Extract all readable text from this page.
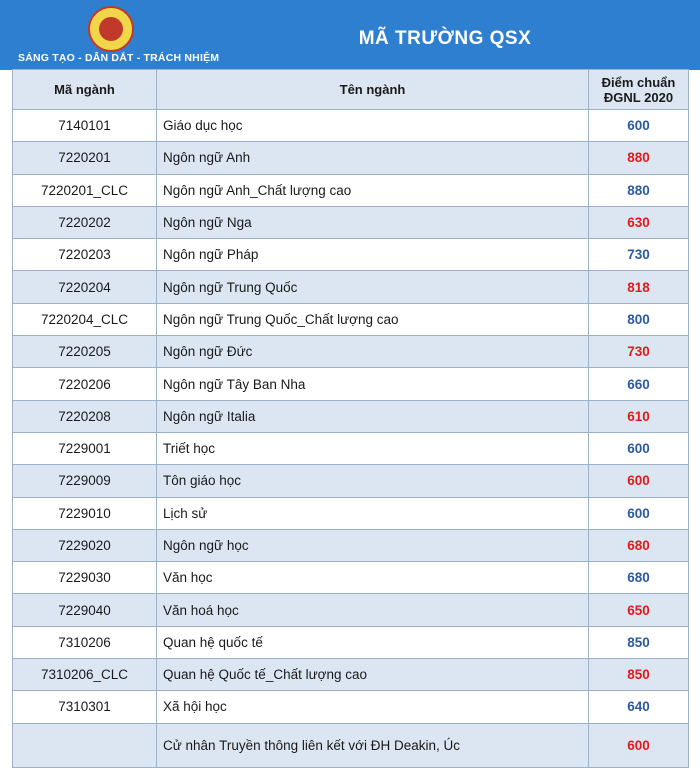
SÁNG TẠO - DẪN DẮT - TRÁCH NHIỆM
MÃ TRƯỜNG QSX
Mã ngành	Tên ngành	Điểm chuẩn
ĐGNL 2020

7140101	Giáo dục học	600
7220201	Ngôn ngữ Anh	880
7220201_CLC	Ngôn ngữ Anh_Chất lượng cao	880
7220202	Ngôn ngữ Nga	630
7220203	Ngôn ngữ Pháp	730
7220204	Ngôn ngữ Trung Quốc	818
7220204_CLC	Ngôn ngữ Trung Quốc_Chất lượng cao	800
7220205	Ngôn ngữ Đức	730
7220206	Ngôn ngữ Tây Ban Nha	660
7220208	Ngôn ngữ Italia	610
7229001	Triết học	600
7229009	Tôn giáo học	600
7229010	Lịch sử	600
7229020	Ngôn ngữ học	680
7229030	Văn học	680
7229040	Văn hoá học	650
7310206	Quan hệ quốc tế	850
7310206_CLC	Quan hệ Quốc tế_Chất lượng cao	850
7310301	Xã hội học	640
	Cử nhân Truyền thông liên kết với ĐH Deakin, Úc	600
